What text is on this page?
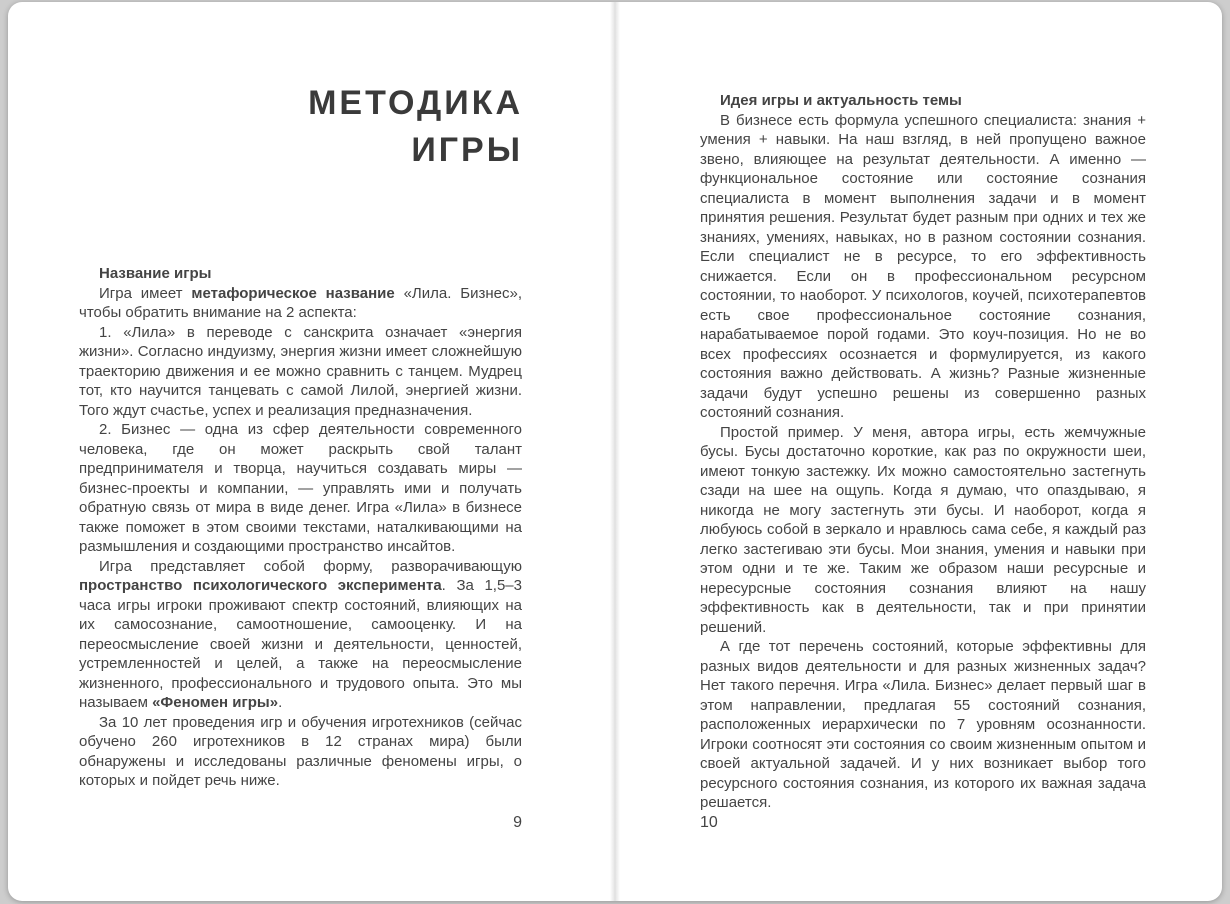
МЕТОДИКА
ИГРЫ

Название игры

Игра имеет метафорическое название «Лила. Бизнес», чтобы обратить внимание на 2 аспекта:

1. «Лила» в переводе с санскрита означает «энергия жизни». Согласно индуизму, энергия жизни имеет сложнейшую траекторию движения и ее можно сравнить с танцем. Мудрец тот, кто научится танцевать с самой Лилой, энергией жизни. Того ждут счастье, успех и реализация предназначения.

2. Бизнес — одна из сфер деятельности современного человека, где он может раскрыть свой талант предпринимателя и творца, научиться создавать миры — бизнес-проекты и компании, — управлять ими и получать обратную связь от мира в виде денег. Игра «Лила» в бизнесе также поможет в этом своими текстами, наталкивающими на размышления и создающими пространство инсайтов.

Игра представляет собой форму, разворачивающую пространство психологического эксперимента. За 1,5–3 часа игры игроки проживают спектр состояний, влияющих на их самосознание, самоотношение, самооценку. И на переосмысление своей жизни и деятельности, ценностей, устремленностей и целей, а также на переосмысление жизненного, профессионального и трудового опыта. Это мы называем «Феномен игры».

За 10 лет проведения игр и обучения игротехников (сейчас обучено 260 игротехников в 12 странах мира) были обнаружены и исследованы различные феномены игры, о которых и пойдет речь ниже.

9

Идея игры и актуальность темы

В бизнесе есть формула успешного специалиста: знания + умения + навыки. На наш взгляд, в ней пропущено важное звено, влияющее на результат деятельности. А именно — функциональное состояние или состояние сознания специалиста в момент выполнения задачи и в момент принятия решения. Результат будет разным при одних и тех же знаниях, умениях, навыках, но в разном состоянии сознания. Если специалист не в ресурсе, то его эффективность снижается. Если он в профессиональном ресурсном состоянии, то наоборот. У психологов, коучей, психотерапевтов есть свое профессиональное состояние сознания, нарабатываемое порой годами. Это коуч-позиция. Но не во всех профессиях осознается и формулируется, из какого состояния важно действовать. А жизнь? Разные жизненные задачи будут успешно решены из совершенно разных состояний сознания.

Простой пример. У меня, автора игры, есть жемчужные бусы. Бусы достаточно короткие, как раз по окружности шеи, имеют тонкую застежку. Их можно самостоятельно застегнуть сзади на шее на ощупь. Когда я думаю, что опаздываю, я никогда не могу застегнуть эти бусы. И наоборот, когда я любуюсь собой в зеркало и нравлюсь сама себе, я каждый раз легко застегиваю эти бусы. Мои знания, умения и навыки при этом одни и те же. Таким же образом наши ресурсные и нересурсные состояния сознания влияют на нашу эффективность как в деятельности, так и при принятии решений.

А где тот перечень состояний, которые эффективны для разных видов деятельности и для разных жизненных задач? Нет такого перечня. Игра «Лила. Бизнес» делает первый шаг в этом направлении, предлагая 55 состояний сознания, расположенных иерархически по 7 уровням осознанности. Игроки соотносят эти состояния со своим жизненным опытом и своей актуальной задачей. И у них возникает выбор того ресурсного состояния сознания, из которого их важная задача решается.

10
